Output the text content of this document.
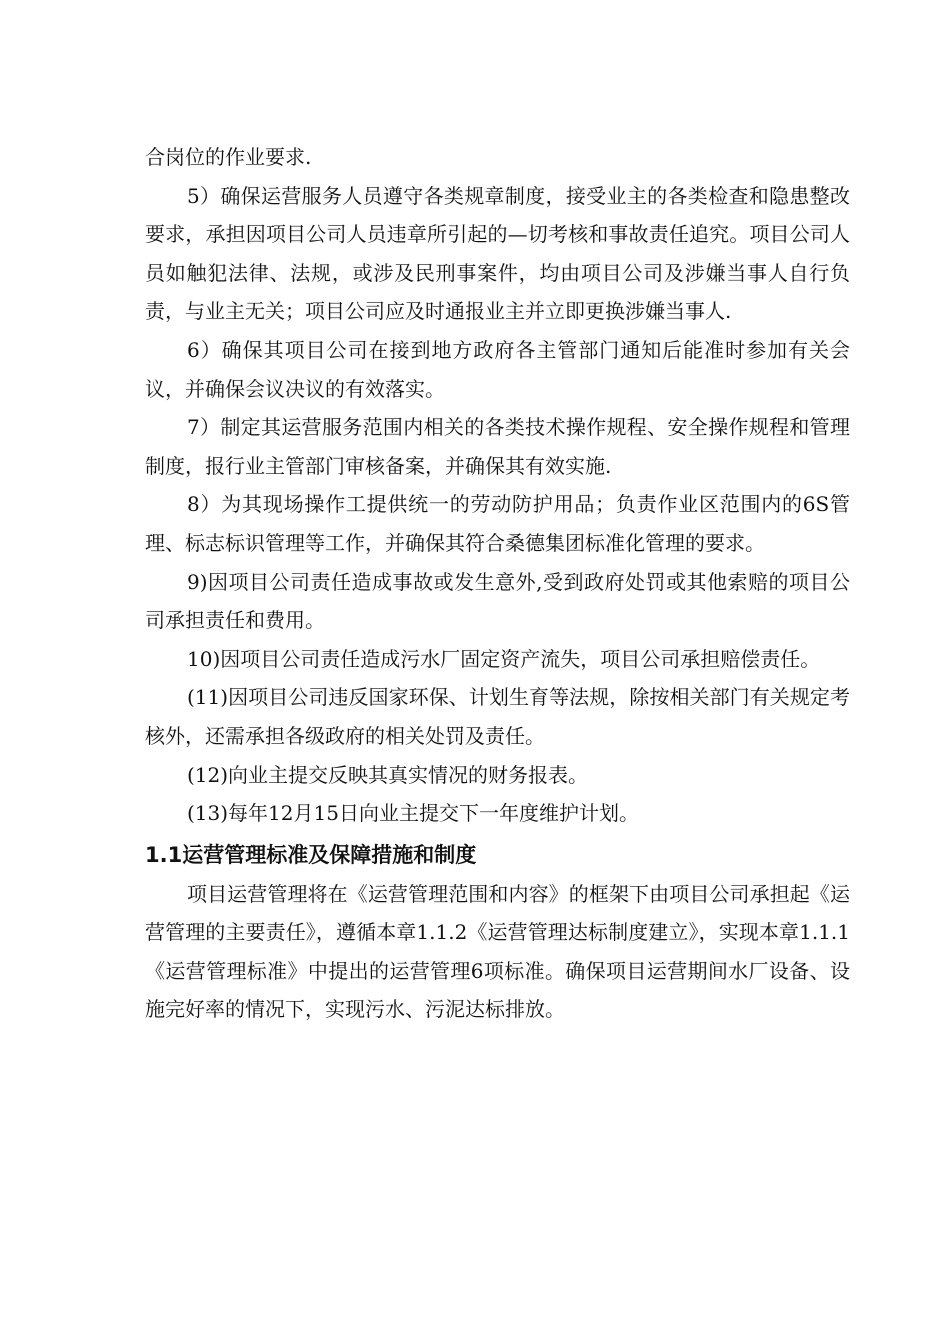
合岗位的作业要求.

5）确保运营服务人员遵守各类规章制度，接受业主的各类检查和隐患整改要求，承担因项目公司人员违章所引起的—切考核和事故责任追究。项目公司人员如触犯法律、法规，或涉及民刑事案件，均由项目公司及涉嫌当事人自行负责，与业主无关；项目公司应及时通报业主并立即更换涉嫌当事人.

6）确保其项目公司在接到地方政府各主管部门通知后能准时参加有关会议，并确保会议决议的有效落实。

7）制定其运营服务范围内相关的各类技术操作规程、安全操作规程和管理制度，报行业主管部门审核备案，并确保其有效实施.

8）为其现场操作工提供统一的劳动防护用品；负责作业区范围内的6S管理、标志标识管理等工作，并确保其符合桑德集团标准化管理的要求。

9)因项目公司责任造成事故或发生意外,受到政府处罚或其他索赔的项目公司承担责任和费用。

10)因项目公司责任造成污水厂固定资产流失，项目公司承担赔偿责任。

(11)因项目公司违反国家环保、计划生育等法规，除按相关部门有关规定考核外，还需承担各级政府的相关处罚及责任。

(12)向业主提交反映其真实情况的财务报表。

(13)每年12月15日向业主提交下一年度维护计划。

1.1运营管理标准及保障措施和制度

项目运营管理将在《运营管理范围和内容》的框架下由项目公司承担起《运营管理的主要责任》，遵循本章1.1.2《运营管理达标制度建立》，实现本章1.1.1《运营管理标准》中提出的运营管理6项标准。确保项目运营期间水厂设备、设施完好率的情况下，实现污水、污泥达标排放。
